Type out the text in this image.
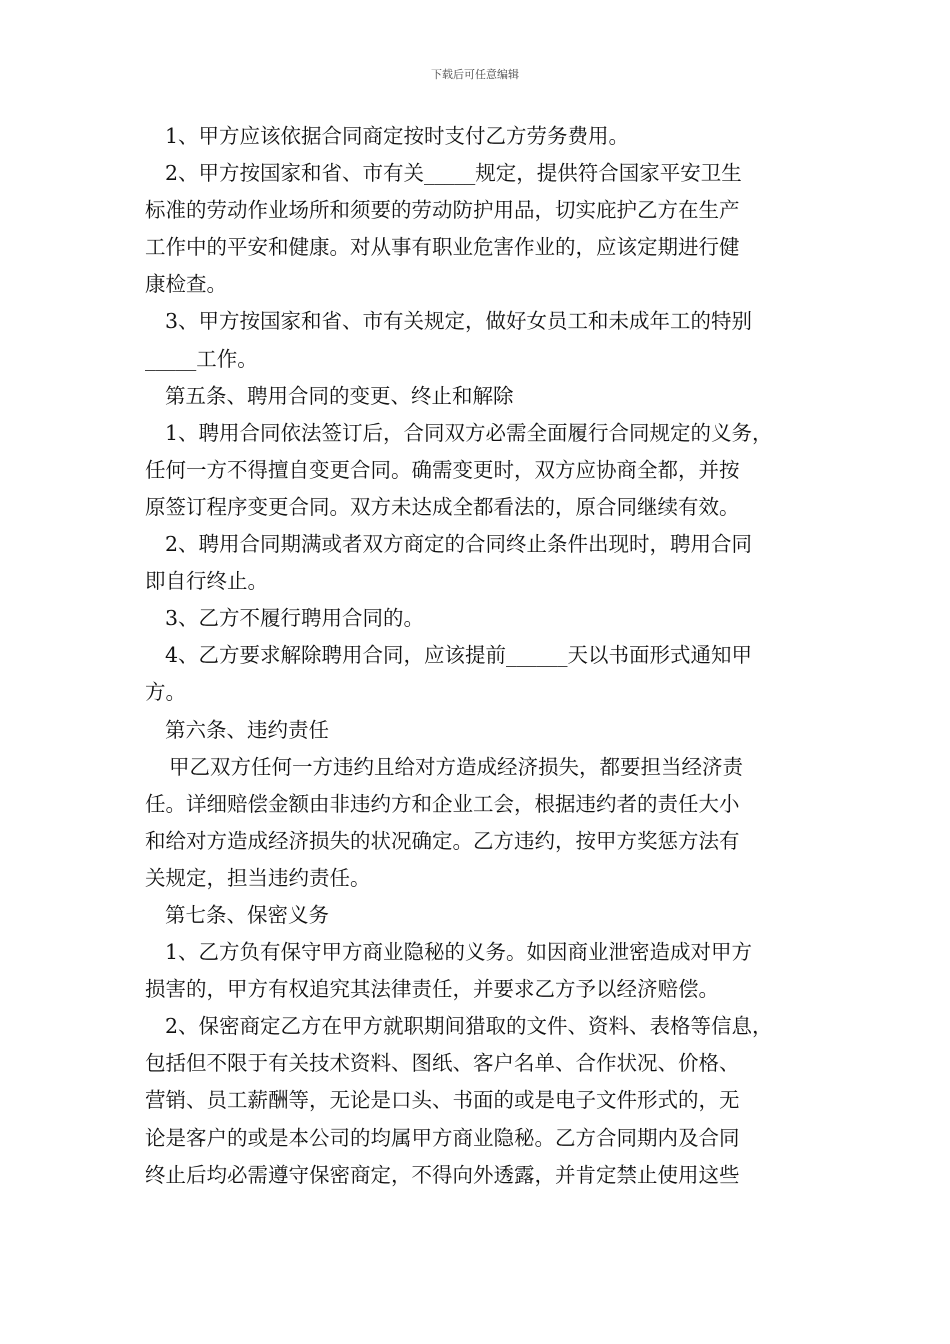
下载后可任意编辑
1、甲方应该依据合同商定按时支付乙方劳务费用。
2、甲方按国家和省、市有关_____规定，提供符合国家平安卫生
标准的劳动作业场所和须要的劳动防护用品，切实庇护乙方在生产
工作中的平安和健康。对从事有职业危害作业的，应该定期进行健
康检查。
3、甲方按国家和省、市有关规定，做好女员工和未成年工的特别
_____工作。
第五条、聘用合同的变更、终止和解除
1、聘用合同依法签订后，合同双方必需全面履行合同规定的义务，
任何一方不得擅自变更合同。确需变更时，双方应协商全都，并按
原签订程序变更合同。双方未达成全都看法的，原合同继续有效。
2、聘用合同期满或者双方商定的合同终止条件出现时，聘用合同
即自行终止。
3、乙方不履行聘用合同的。
4、乙方要求解除聘用合同，应该提前______天以书面形式通知甲
方。
第六条、违约责任
甲乙双方任何一方违约且给对方造成经济损失，都要担当经济责
任。详细赔偿金额由非违约方和企业工会，根据违约者的责任大小
和给对方造成经济损失的状况确定。乙方违约，按甲方奖惩方法有
关规定，担当违约责任。
第七条、保密义务
1、乙方负有保守甲方商业隐秘的义务。如因商业泄密造成对甲方
损害的，甲方有权追究其法律责任，并要求乙方予以经济赔偿。
2、保密商定乙方在甲方就职期间猎取的文件、资料、表格等信息，
包括但不限于有关技术资料、图纸、客户名单、合作状况、价格、
营销、员工薪酬等，无论是口头、书面的或是电子文件形式的，无
论是客户的或是本公司的均属甲方商业隐秘。乙方合同期内及合同
终止后均必需遵守保密商定，不得向外透露，并肯定禁止使用这些
